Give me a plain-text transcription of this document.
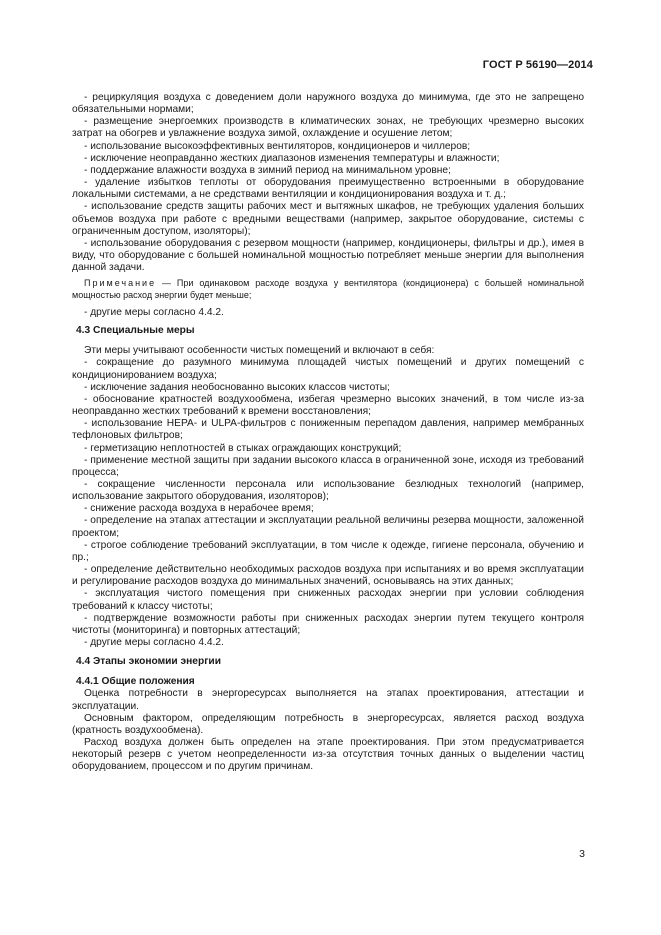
ГОСТ Р 56190—2014

- рециркуляция воздуха с доведением доли наружного воздуха до минимума, где это не запрещено обязательными нормами;

- размещение энергоемких производств в климатических зонах, не требующих чрезмерно высоких затрат на обогрев и увлажнение воздуха зимой, охлаждение и осушение летом;

- использование высокоэффективных вентиляторов, кондиционеров и чиллеров;

- исключение неоправданно жестких диапазонов изменения температуры и влажности;

- поддержание влажности воздуха в зимний период на минимальном уровне;

- удаление избытков теплоты от оборудования преимущественно встроенными в оборудование локальными системами, а не средствами вентиляции и кондиционирования воздуха и т. д.;

- использование средств защиты рабочих мест и вытяжных шкафов, не требующих удаления больших объемов воздуха при работе с вредными веществами (например, закрытое оборудование, системы с ограниченным доступом, изоляторы);

- использование оборудования с резервом мощности (например, кондиционеры, фильтры и др.), имея в виду, что оборудование с большей номинальной мощностью потребляет меньше энергии для выполнения данной задачи.

Примечание — При одинаковом расходе воздуха у вентилятора (кондиционера) с большей номинальной мощностью расход энергии будет меньше;

- другие меры согласно 4.4.2.

4.3 Специальные меры

Эти меры учитывают особенности чистых помещений и включают в себя:

- сокращение до разумного минимума площадей чистых помещений и других помещений с кондиционированием воздуха;

- исключение задания необоснованно высоких классов чистоты;

- обоснование кратностей воздухообмена, избегая чрезмерно высоких значений, в том числе из-за неоправданно жестких требований к времени восстановления;

- использование HEPA- и ULPA-фильтров с пониженным перепадом давления, например мембранных тефлоновых фильтров;

- герметизацию неплотностей в стыках ограждающих конструкций;

- применение местной защиты при задании высокого класса в ограниченной зоне, исходя из требований процесса;

- сокращение численности персонала или использование безлюдных технологий (например, использование закрытого оборудования, изоляторов);

- снижение расхода воздуха в нерабочее время;

- определение на этапах аттестации и эксплуатации реальной величины резерва мощности, заложенной проектом;

- строгое соблюдение требований эксплуатации, в том числе к одежде, гигиене персонала, обучению и пр.;

- определение действительно необходимых расходов воздуха при испытаниях и во время эксплуатации и регулирование расходов воздуха до минимальных значений, основываясь на этих данных;

- эксплуатация чистого помещения при сниженных расходах энергии при условии соблюдения требований к классу чистоты;

- подтверждение возможности работы при сниженных расходах энергии путем текущего контроля чистоты (мониторинга) и повторных аттестаций;

- другие меры согласно 4.4.2.

4.4 Этапы экономии энергии
4.4.1 Общие положения

Оценка потребности в энергоресурсах выполняется на этапах проектирования, аттестации и эксплуатации.

Основным фактором, определяющим потребность в энергоресурсах, является расход воздуха (кратность воздухообмена).

Расход воздуха должен быть определен на этапе проектирования. При этом предусматривается некоторый резерв с учетом неопределенности из-за отсутствия точных данных о выделении частиц оборудованием, процессом и по другим причинам.

3
